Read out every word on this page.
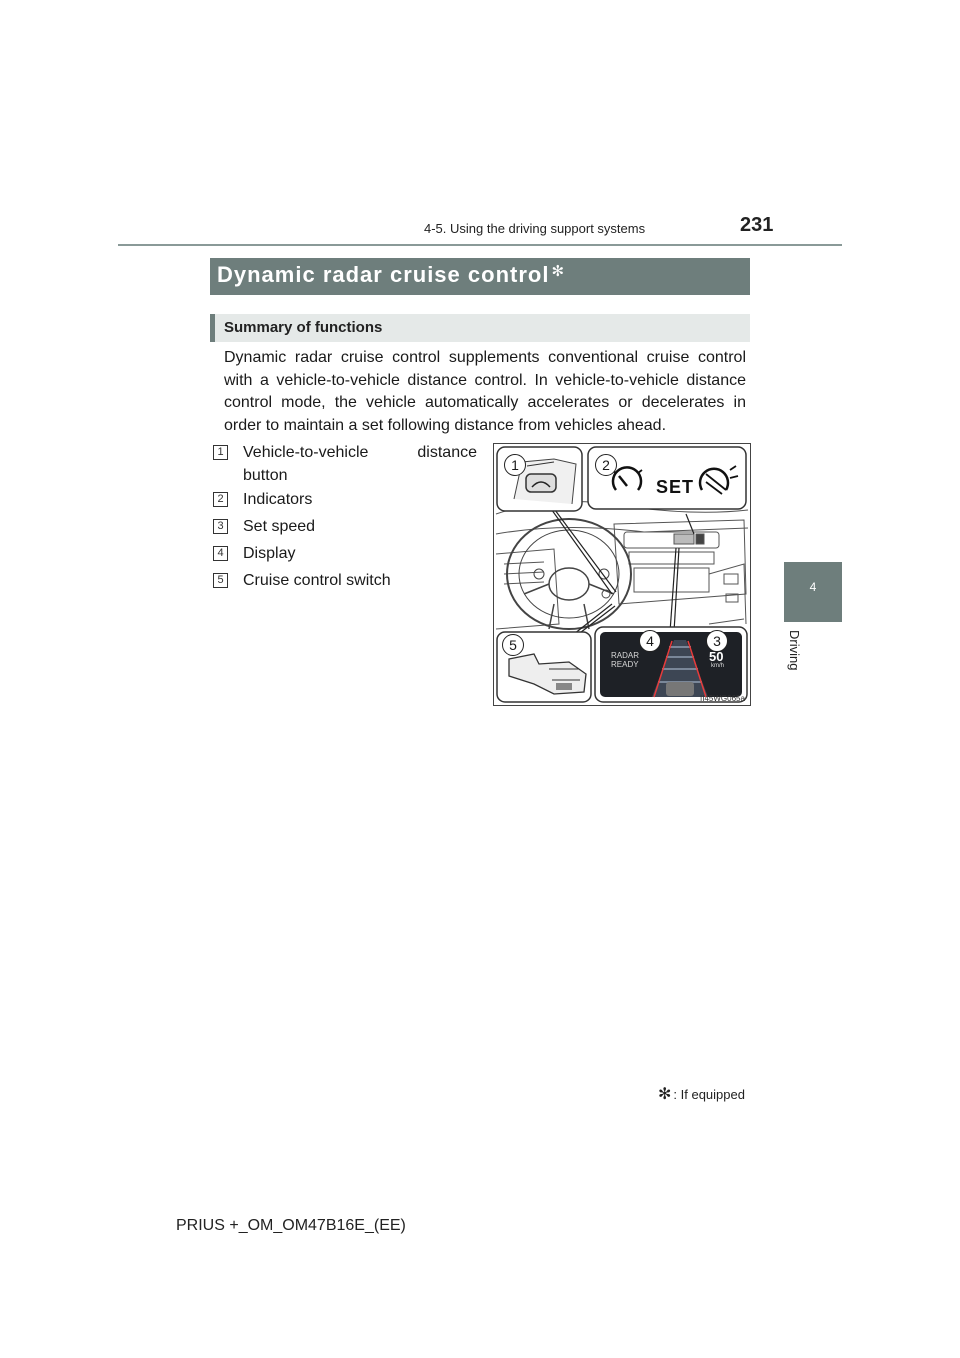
4-5. Using the driving support systems	231
4
Driving
Dynamic radar cruise control ✻
Summary of functions
Dynamic radar cruise control supplements conventional cruise control with a vehicle-to-vehicle distance control. In vehicle-to-vehicle distance control mode, the vehicle automatically accelerates or decelerates in order to maintain a set following distance from vehicles ahead.
1 Vehicle-to-vehicle distance button
2 Indicators
3 Set speed
4 Display
5 Cruise control switch
1	2
3
4
5
SET
RADAR
READY
50
km/h
II45WG065a
✻ : If equipped
PRIUS +_OM_OM47B16E_(EE)
